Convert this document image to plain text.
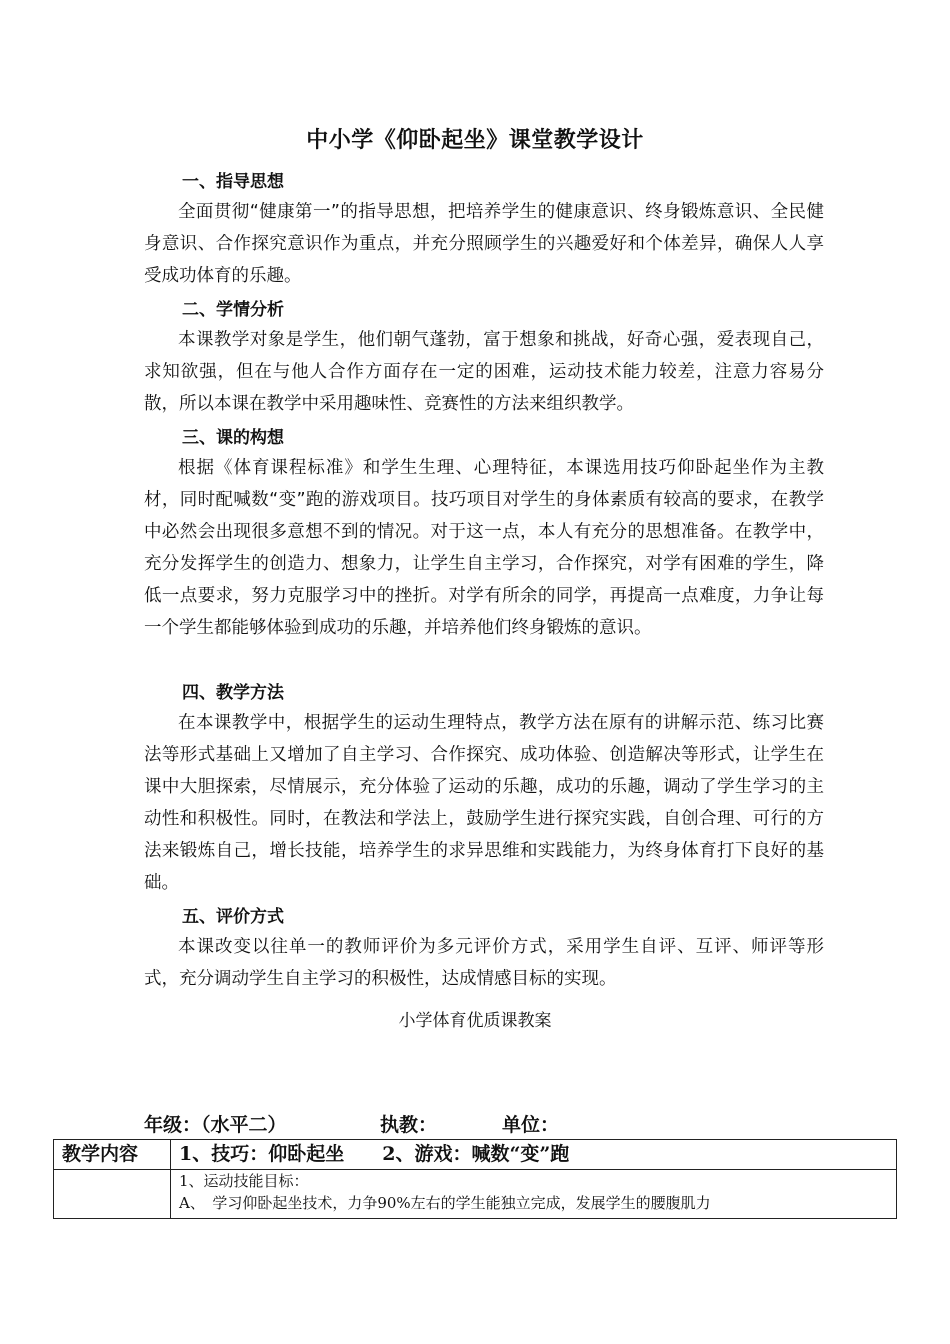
中小学《仰卧起坐》课堂教学设计
一、指导思想

全面贯彻“健康第一”的指导思想，把培养学生的健康意识、终身锻炼意识、全民健身意识、合作探究意识作为重点，并充分照顾学生的兴趣爱好和个体差异，确保人人享受成功体育的乐趣。

二、学情分析

本课教学对象是学生，他们朝气蓬勃，富于想象和挑战，好奇心强，爱表现自己，求知欲强，但在与他人合作方面存在一定的困难，运动技术能力较差，注意力容易分散，所以本课在教学中采用趣味性、竞赛性的方法来组织教学。

三、课的构想

根据《体育课程标准》和学生生理、心理特征，本课选用技巧仰卧起坐作为主教材，同时配喊数“变”跑的游戏项目。技巧项目对学生的身体素质有较高的要求，在教学中必然会出现很多意想不到的情况。对于这一点，本人有充分的思想准备。在教学中，充分发挥学生的创造力、想象力，让学生自主学习，合作探究，对学有困难的学生，降低一点要求，努力克服学习中的挫折。对学有所余的同学，再提高一点难度，力争让每一个学生都能够体验到成功的乐趣，并培养他们终身锻炼的意识。

四、教学方法

在本课教学中，根据学生的运动生理特点，教学方法在原有的讲解示范、练习比赛法等形式基础上又增加了自主学习、合作探究、成功体验、创造解决等形式，让学生在课中大胆探索，尽情展示，充分体验了运动的乐趣，成功的乐趣，调动了学生学习的主动性和积极性。同时，在教法和学法上，鼓励学生进行探究实践，自创合理、可行的方法来锻炼自己，增长技能，培养学生的求异思维和实践能力，为终身体育打下良好的基础。

五、评价方式

本课改变以往单一的教师评价为多元评价方式，采用学生自评、互评、师评等形式，充分调动学生自主学习的积极性，达成情感目标的实现。

小学体育优质课教案
年级：（水平二）	执教：	单位：
教学内容	1、技巧：仰卧起坐　　2、游戏：喊数“变”跑

	1、运动技能目标：
A、　学习仰卧起坐技术，力争90%左右的学生能独立完成，发展学生的腰腹肌力
